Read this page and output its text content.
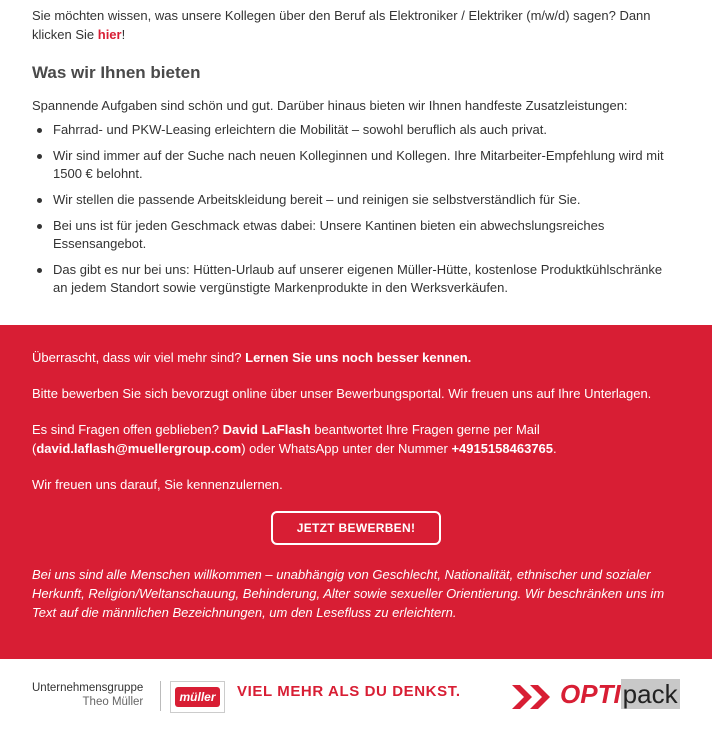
Sie möchten wissen, was unsere Kollegen über den Beruf als Elektroniker / Elektriker (m/w/d) sagen? Dann klicken Sie hier!

Was wir Ihnen bieten

Spannende Aufgaben sind schön und gut. Darüber hinaus bieten wir Ihnen handfeste Zusatzleistungen:

Fahrrad- und PKW-Leasing erleichtern die Mobilität – sowohl beruflich als auch privat.
Wir sind immer auf der Suche nach neuen Kolleginnen und Kollegen. Ihre Mitarbeiter-Empfehlung wird mit 1500 € belohnt.
Wir stellen die passende Arbeitskleidung bereit – und reinigen sie selbstverständlich für Sie.
Bei uns ist für jeden Geschmack etwas dabei: Unsere Kantinen bieten ein abwechslungsreiches Essensangebot.
Das gibt es nur bei uns: Hütten-Urlaub auf unserer eigenen Müller-Hütte, kostenlose Produktkühlschränke an jedem Standort sowie vergünstigte Markenprodukte in den Werksverkäufen.

Überrascht, dass wir viel mehr sind? Lernen Sie uns noch besser kennen.

Bitte bewerben Sie sich bevorzugt online über unser Bewerbungsportal. Wir freuen uns auf Ihre Unterlagen.

Es sind Fragen offen geblieben? David LaFlash beantwortet Ihre Fragen gerne per Mail (david.laflash@muellergroup.com) oder WhatsApp unter der Nummer +4915158463765.

Wir freuen uns darauf, Sie kennenzulernen.

JETZT BEWERBEN!

Bei uns sind alle Menschen willkommen – unabhängig von Geschlecht, Nationalität, ethnischer und sozialer Herkunft, Religion/Weltanschauung, Behinderung, Alter sowie sexueller Orientierung. Wir beschränken uns im Text auf die männlichen Bezeichnungen, um den Lesefluss zu erleichtern.

Unternehmensgruppe
Theo Müller	müller VIEL MEHR ALS DU DENKST.	OPTIpack
